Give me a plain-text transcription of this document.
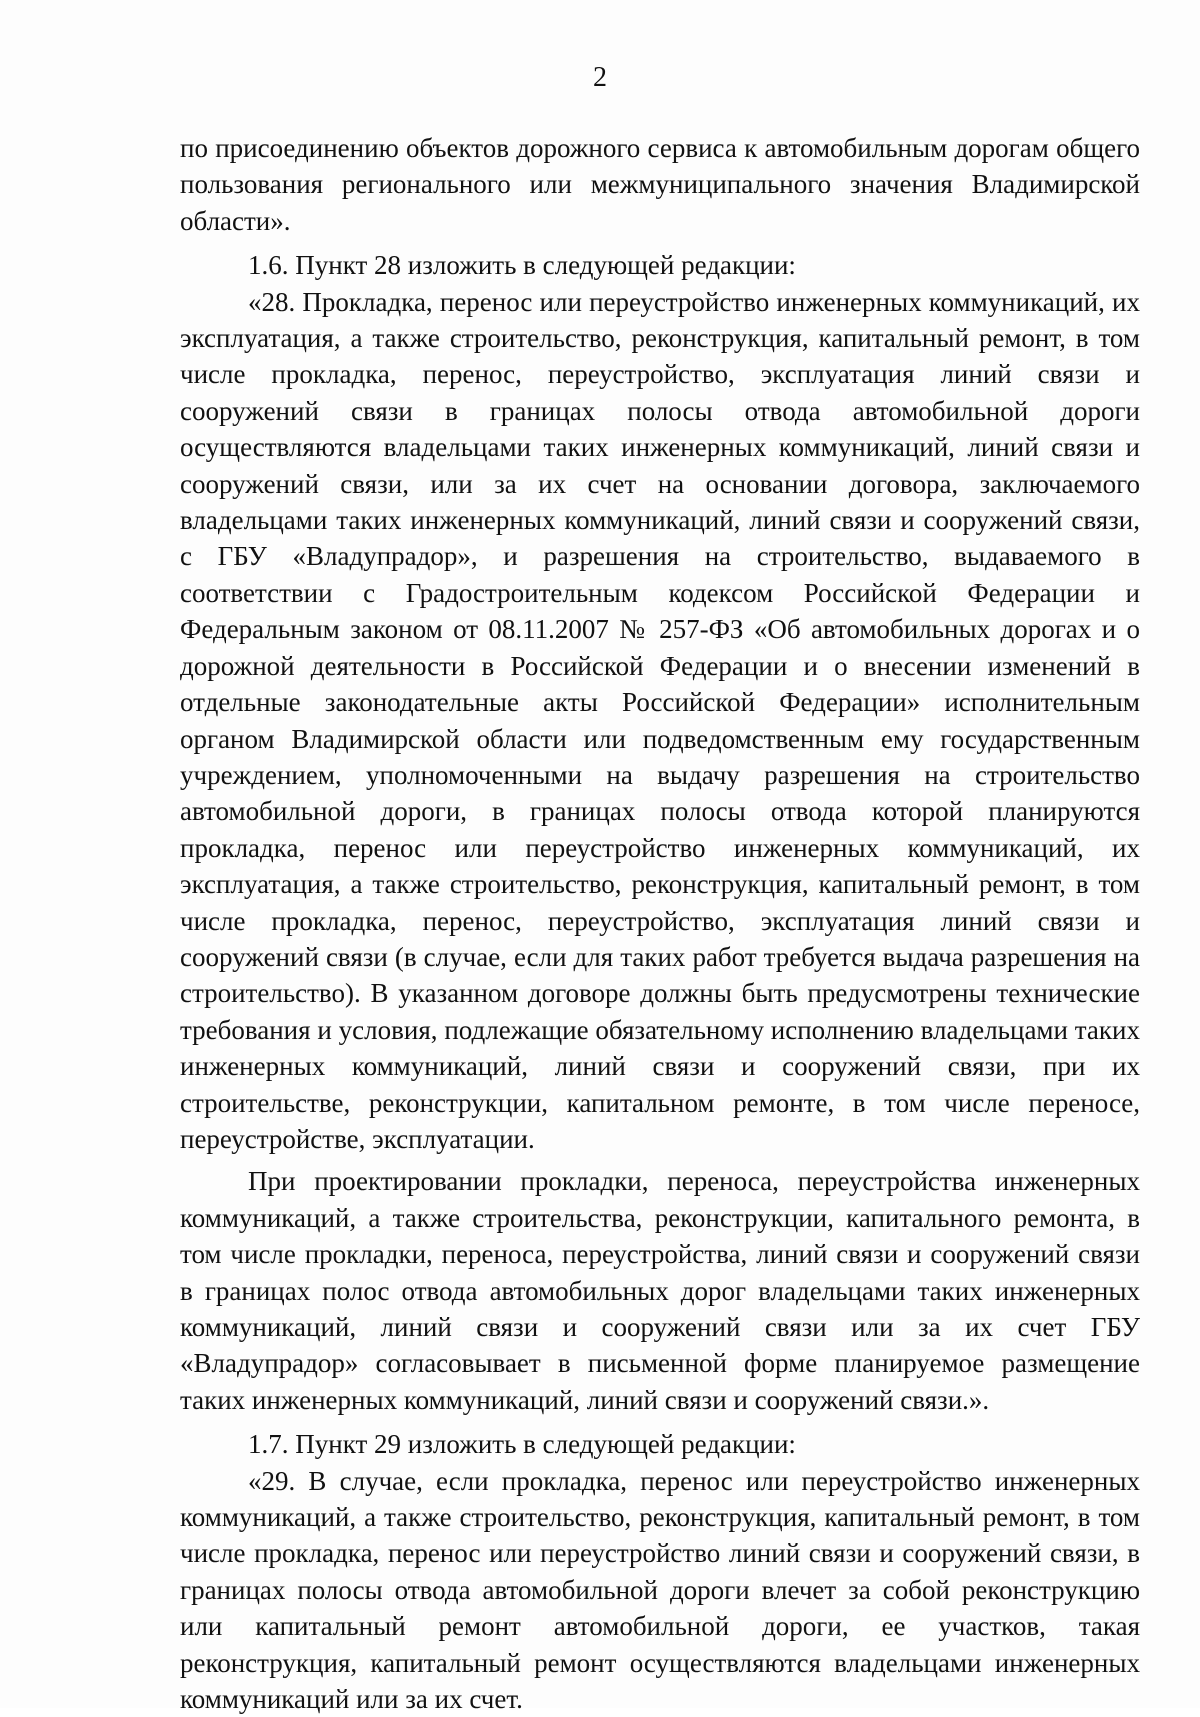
2

по присоединению объектов дорожного сервиса к автомобильным дорогам общего пользования регионального или межмуниципального значения Владимирской области».

1.6. Пункт 28 изложить в следующей редакции:

«28. Прокладка, перенос или переустройство инженерных коммуникаций, их эксплуатация, а также строительство, реконструкция, капитальный ремонт, в том числе прокладка, перенос, переустройство, эксплуатация линий связи и сооружений связи в границах полосы отвода автомобильной дороги осуществляются владельцами таких инженерных коммуникаций, линий связи и сооружений связи, или за их счет на основании договора, заключаемого владельцами таких инженерных коммуникаций, линий связи и сооружений связи, с ГБУ «Владупрадор», и разрешения на строительство, выдаваемого в соответствии с Градостроительным кодексом Российской Федерации и Федеральным законом от 08.11.2007 № 257-ФЗ «Об автомобильных дорогах и о дорожной деятельности в Российской Федерации и о внесении изменений в отдельные законодательные акты Российской Федерации» исполнительным органом Владимирской области или подведомственным ему государственным учреждением, уполномоченными на выдачу разрешения на строительство автомобильной дороги, в границах полосы отвода которой планируются прокладка, перенос или переустройство инженерных коммуникаций, их эксплуатация, а также строительство, реконструкция, капитальный ремонт, в том числе прокладка, перенос, переустройство, эксплуатация линий связи и сооружений связи (в случае, если для таких работ требуется выдача разрешения на строительство). В указанном договоре должны быть предусмотрены технические требования и условия, подлежащие обязательному исполнению владельцами таких инженерных коммуникаций, линий связи и сооружений связи, при их строительстве, реконструкции, капитальном ремонте, в том числе переносе, переустройстве, эксплуатации.

При проектировании прокладки, переноса, переустройства инженерных коммуникаций, а также строительства, реконструкции, капитального ремонта, в том числе прокладки, переноса, переустройства, линий связи и сооружений связи в границах полос отвода автомобильных дорог владельцами таких инженерных коммуникаций, линий связи и сооружений связи или за их счет ГБУ «Владупрадор» согласовывает в письменной форме планируемое размещение таких инженерных коммуникаций, линий связи и сооружений связи.».

1.7. Пункт 29 изложить в следующей редакции:

«29. В случае, если прокладка, перенос или переустройство инженерных коммуникаций, а также строительство, реконструкция, капитальный ремонт, в том числе прокладка, перенос или переустройство линий связи и сооружений связи, в границах полосы отвода автомобильной дороги влечет за собой реконструкцию или капитальный ремонт автомобильной дороги, ее участков, такая реконструкция, капитальный ремонт осуществляются владельцами инженерных коммуникаций или за их счет.
